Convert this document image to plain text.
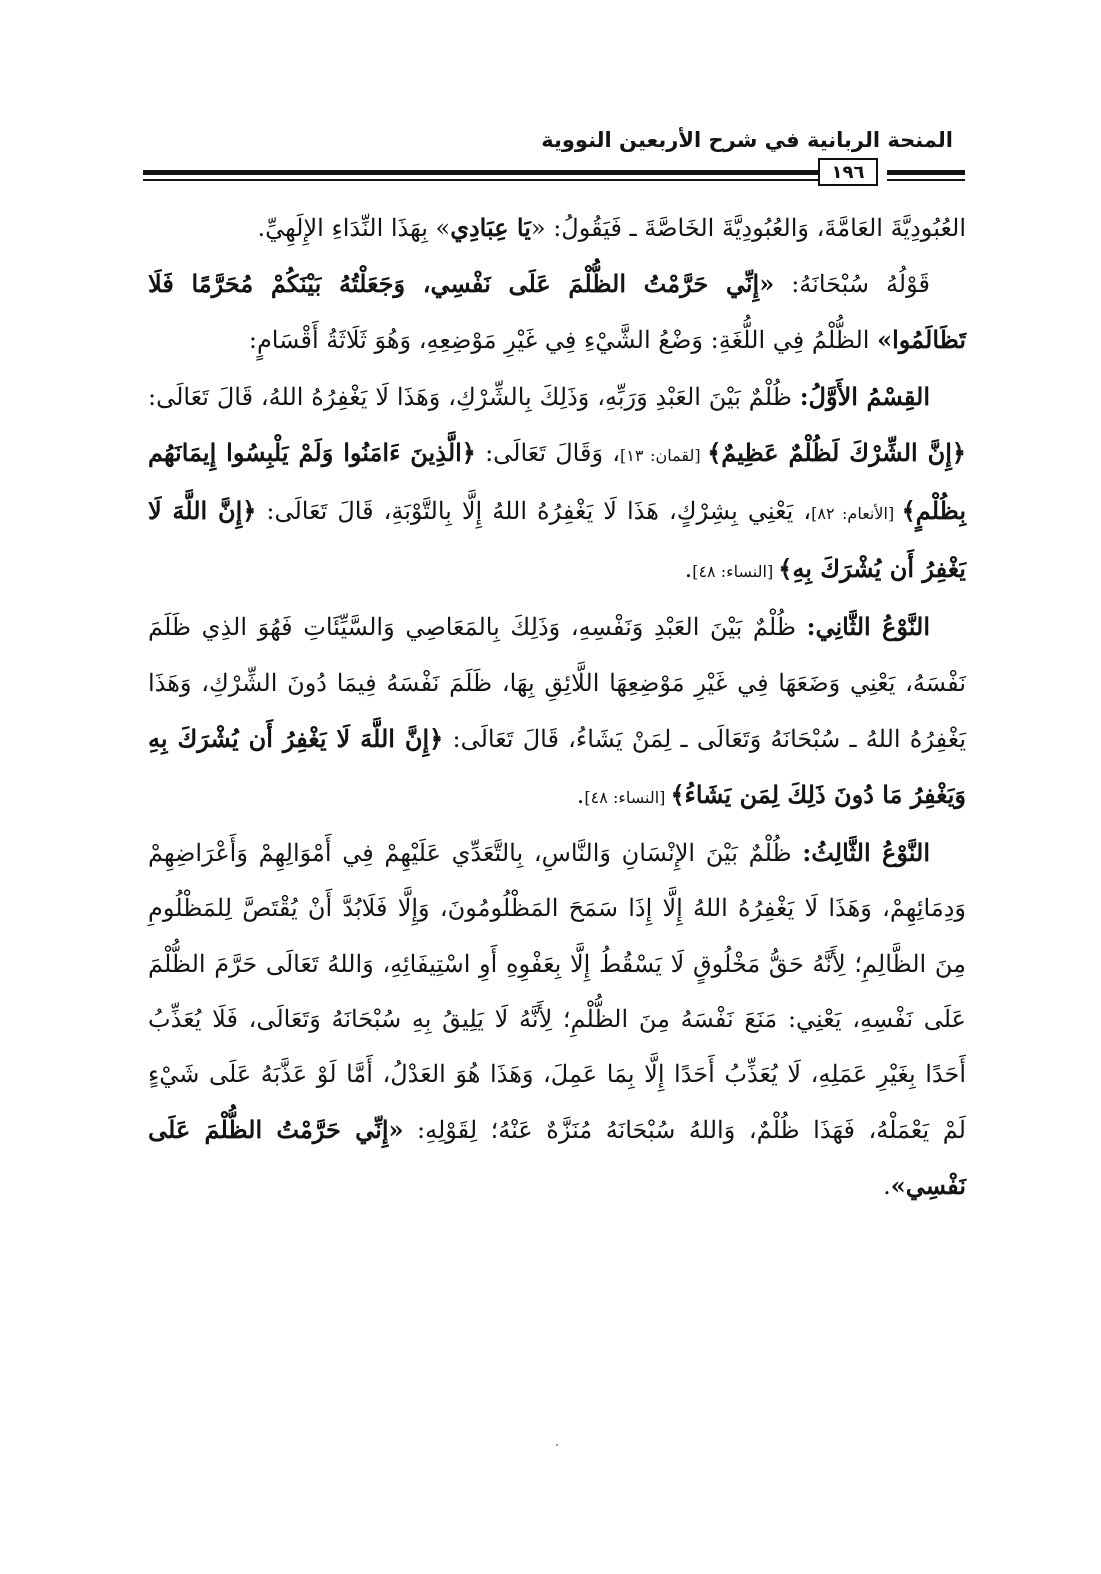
المنحة الربانية في شرح الأربعين النووية
١٩٦

العُبُودِيَّةَ العَامَّةَ، وَالعُبُودِيَّةَ الخَاصَّةَ ـ فَيَقُولُ: «يَا عِبَادِي» بِهَذَا النِّدَاءِ الإِلَهِيِّ.

قَوْلُهُ سُبْحَانَهُ: «إِنِّي حَرَّمْتُ الظُّلْمَ عَلَى نَفْسِي، وَجَعَلْتُهُ بَيْنَكُمْ مُحَرَّمًا فَلَا تَظَالَمُوا» الظُّلْمُ فِي اللُّغَةِ: وَضْعُ الشَّيْءِ فِي غَيْرِ مَوْضِعِهِ، وَهُوَ ثَلَاثَةُ أَقْسَامٍ:

القِسْمُ الأَوَّلُ: ظُلْمٌ بَيْنَ العَبْدِ وَرَبِّهِ، وَذَلِكَ بِالشِّرْكِ، وَهَذَا لَا يَغْفِرُهُ اللهُ، قَالَ تَعَالَى: ﴿إِنَّ الشِّرْكَ لَظُلْمٌ عَظِيمٌ﴾ [لقمان: ١٣]، وَقَالَ تَعَالَى: ﴿الَّذِينَ ءَامَنُوا وَلَمْ يَلْبِسُوا إِيمَانَهُم بِظُلْمٍ﴾ [الأنعام: ٨٢]، يَعْنِي بِشِرْكٍ، هَذَا لَا يَغْفِرُهُ اللهُ إِلَّا بِالتَّوْبَةِ، قَالَ تَعَالَى: ﴿إِنَّ اللَّهَ لَا يَغْفِرُ أَن يُشْرَكَ بِهِ﴾ [النساء: ٤٨].

النَّوْعُ الثَّانِي: ظُلْمٌ بَيْنَ العَبْدِ وَنَفْسِهِ، وَذَلِكَ بِالمَعَاصِي وَالسَّيِّئَاتِ فَهُوَ الذِي ظَلَمَ نَفْسَهُ، يَعْنِي وَضَعَهَا فِي غَيْرِ مَوْضِعِهَا اللَّائِقِ بِهَا، ظَلَمَ نَفْسَهُ فِيمَا دُونَ الشِّرْكِ، وَهَذَا يَغْفِرُهُ اللهُ ـ سُبْحَانَهُ وَتَعَالَى ـ لِمَنْ يَشَاءُ، قَالَ تَعَالَى: ﴿إِنَّ اللَّهَ لَا يَغْفِرُ أَن يُشْرَكَ بِهِ وَيَغْفِرُ مَا دُونَ ذَلِكَ لِمَن يَشَاءُ﴾ [النساء: ٤٨].

النَّوْعُ الثَّالِثُ: ظُلْمٌ بَيْنَ الإِنْسَانِ وَالنَّاسِ، بِالتَّعَدِّي عَلَيْهِمْ فِي أَمْوَالِهِمْ وَأَعْرَاضِهِمْ وَدِمَائِهِمْ، وَهَذَا لَا يَغْفِرُهُ اللهُ إِلَّا إِذَا سَمَحَ المَظْلُومُونَ، وَإِلَّا فَلَابُدَّ أَنْ يُقْتَصَّ لِلمَظْلُومِ مِنَ الظَّالِمِ؛ لِأَنَّهُ حَقُّ مَخْلُوقٍ لَا يَسْقُطُ إِلَّا بِعَفْوِهِ أَوِ اسْتِيفَائِهِ، وَاللهُ تَعَالَى حَرَّمَ الظُّلْمَ عَلَى نَفْسِهِ، يَعْنِي: مَنَعَ نَفْسَهُ مِنَ الظُّلْمِ؛ لِأَنَّهُ لَا يَلِيقُ بِهِ سُبْحَانَهُ وَتَعَالَى، فَلَا يُعَذِّبُ أَحَدًا بِغَيْرِ عَمَلِهِ، لَا يُعَذِّبُ أَحَدًا إِلَّا بِمَا عَمِلَ، وَهَذَا هُوَ العَدْلُ، أَمَّا لَوْ عَذَّبَهُ عَلَى شَيْءٍ لَمْ يَعْمَلْهُ، فَهَذَا ظُلْمٌ، وَاللهُ سُبْحَانَهُ مُنَزَّهٌ عَنْهُ؛ لِقَوْلِهِ: «إِنِّي حَرَّمْتُ الظُّلْمَ عَلَى نَفْسِي».
